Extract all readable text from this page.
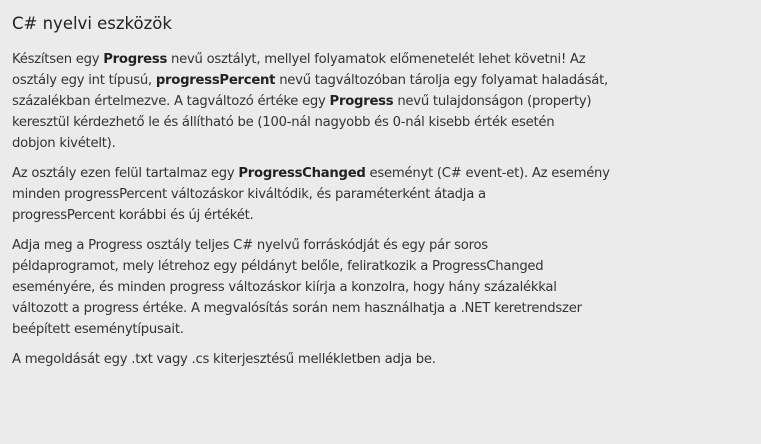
C# nyelvi eszközök
Készítsen egy Progress nevű osztályt, mellyel folyamatok előmenetelét lehet követni! Az
osztály egy int típusú, progressPercent nevű tagváltozóban tárolja egy folyamat haladását,
százalékban értelmezve. A tagváltozó értéke egy Progress nevű tulajdonságon (property)
keresztül kérdezhető le és állítható be (100-nál nagyobb és 0-nál kisebb érték esetén
dobjon kivételt).
Az osztály ezen felül tartalmaz egy ProgressChanged eseményt (C# event-et). Az esemény
minden progressPercent változáskor kiváltódik, és paraméterként átadja a
progressPercent korábbi és új értékét.
Adja meg a Progress osztály teljes C# nyelvű forráskódját és egy pár soros
példaprogramot, mely létrehoz egy példányt belőle, feliratkozik a ProgressChanged
eseményére, és minden progress változáskor kiírja a konzolra, hogy hány százalékkal
változott a progress értéke. A megvalósítás során nem használhatja a .NET keretrendszer
beépített eseménytípusait.
A megoldását egy .txt vagy .cs kiterjesztésű mellékletben adja be.
